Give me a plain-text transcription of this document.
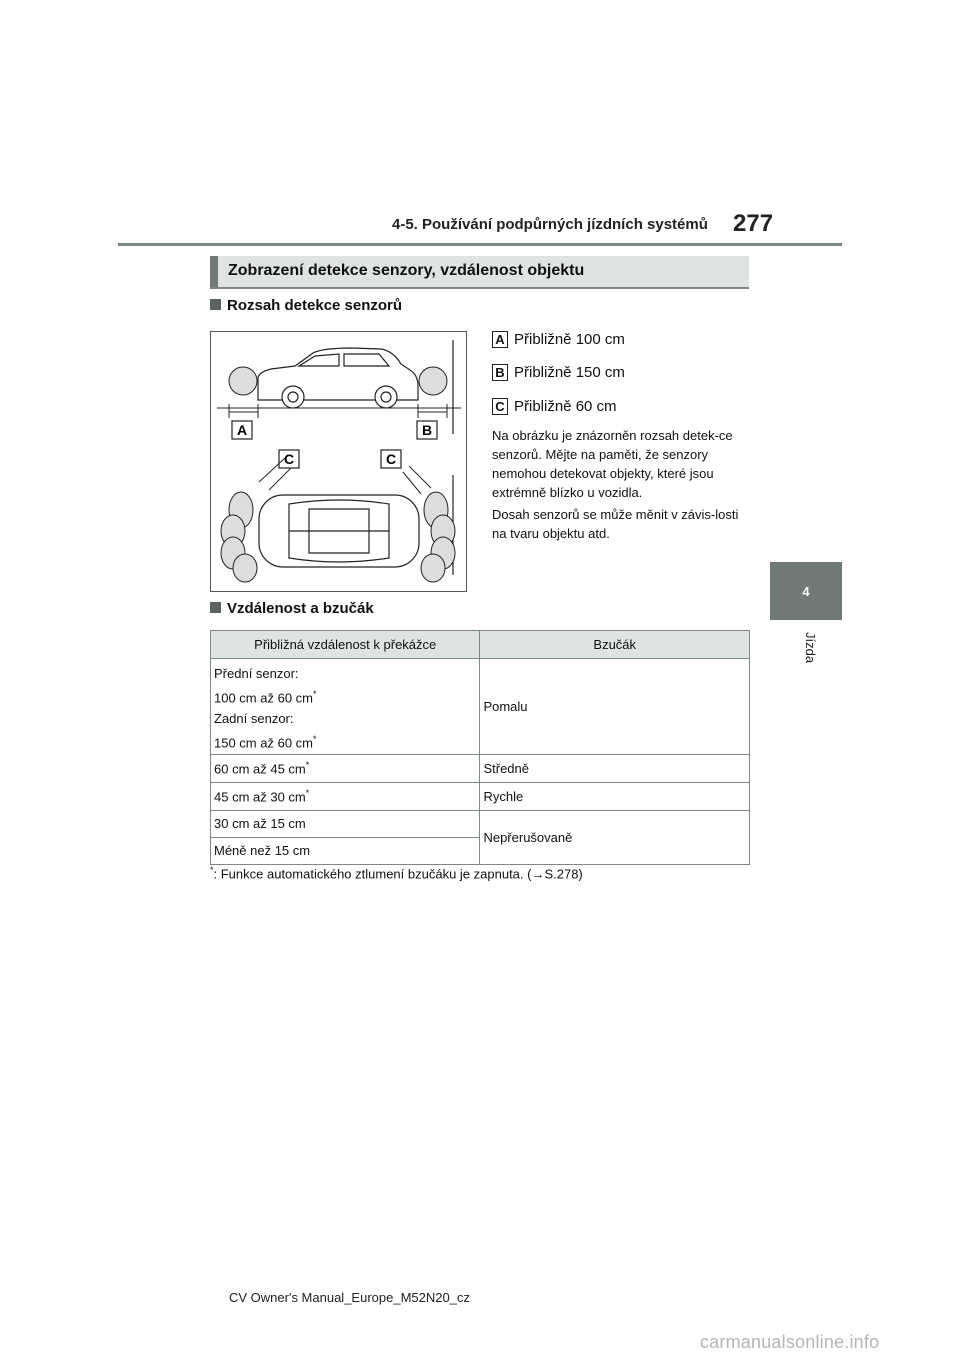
4-5. Používání podpůrných jízdních systémů 277
4
Jízda
Zobrazení detekce senzory, vzdálenost objektu
Rozsah detekce senzorů
A	B
C	C
A Přibližně 100 cm
B Přibližně 150 cm
C Přibližně 60 cm
Na obrázku je znázorněn rozsah detek-ce senzorů. Mějte na paměti, že senzory nemohou detekovat objekty, které jsou extrémně blízko u vozidla.
Dosah senzorů se může měnit v závis-losti na tvaru objektu atd.
Vzdálenost a bzučák
Přibližná vzdálenost k překážce	Bzučák

Přední senzor:
100 cm až 60 cm*
Zadní senzor:
150 cm až 60 cm*	Pomalu
60 cm až 45 cm*	Středně
45 cm až 30 cm*	Rychle
30 cm až 15 cm	Nepřerušovaně
Méně než 15 cm	
*: Funkce automatického ztlumení bzučáku je zapnuta. (→S.278)
CV Owner's Manual_Europe_M52N20_cz
carmanualsonline.info
